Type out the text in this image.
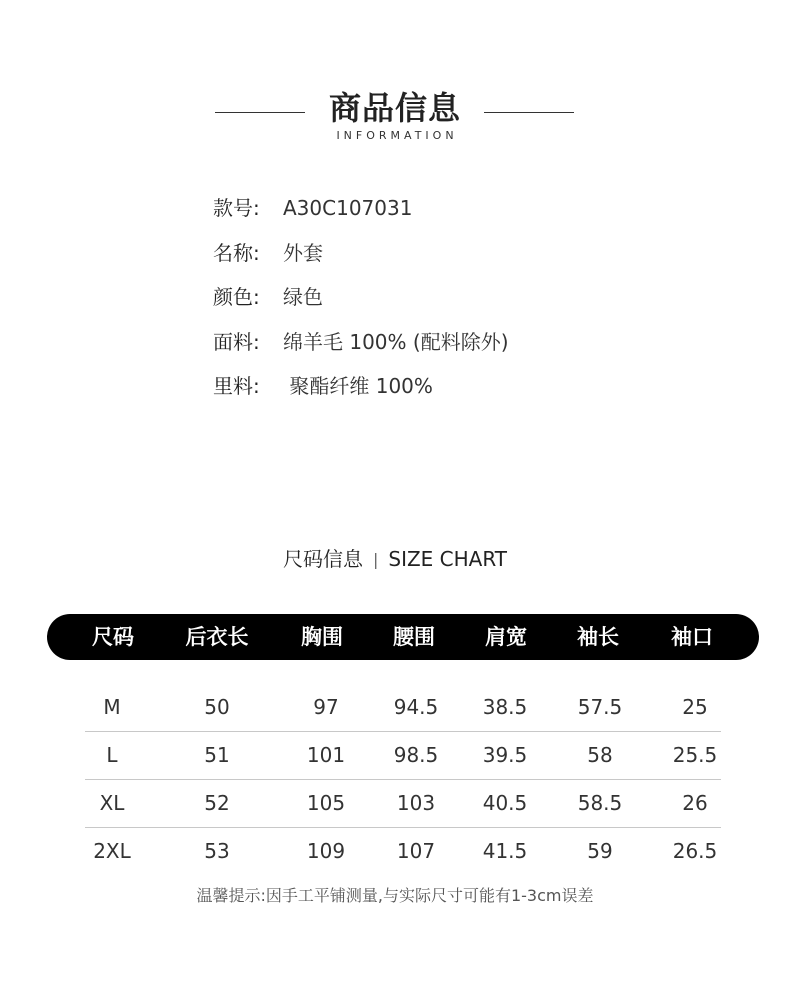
商品信息
INFORMATION
款号: A30C107031
名称: 外套
颜色: 绿色
面料: 绵羊毛 100% (配料除外)
里料: 聚酯纤维 100%
尺码信息 | SIZE CHART
尺码	后衣长	胸围	腰围	肩宽	袖长	袖口
M	50	97	94.5	38.5	57.5	25
L	51	101	98.5	39.5	58	25.5
XL	52	105	103	40.5	58.5	26
2XL	53	109	107	41.5	59	26.5
温馨提示:因手工平铺测量,与实际尺寸可能有1-3cm误差
